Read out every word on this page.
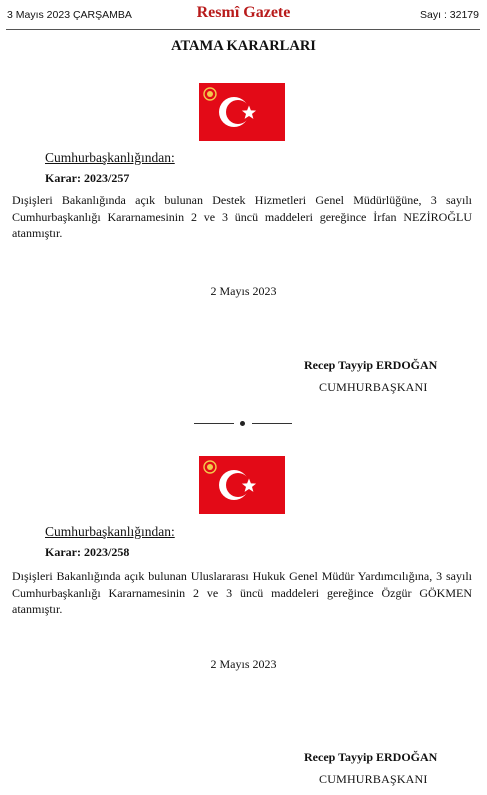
3 Mayıs 2023 ÇARŞAMBA	Resmî Gazete	Sayı : 32179
ATAMA KARARLARI
Cumhurbaşkanlığından:
Karar: 2023/257
Dışişleri Bakanlığında açık bulunan Destek Hizmetleri Genel Müdürlüğüne, 3 sayılı Cumhurbaşkanlığı Kararnamesinin 2 ve 3 üncü maddeleri gereğince İrfan NEZİROĞLU atanmıştır.
2 Mayıs 2023
Recep Tayyip ERDOĞAN
CUMHURBAŞKANI
Cumhurbaşkanlığından:
Karar: 2023/258
Dışişleri Bakanlığında açık bulunan Uluslararası Hukuk Genel Müdür Yardımcılığına, 3 sayılı Cumhurbaşkanlığı Kararnamesinin 2 ve 3 üncü maddeleri gereğince Özgür GÖKMEN atanmıştır.
2 Mayıs 2023
Recep Tayyip ERDOĞAN
CUMHURBAŞKANI
